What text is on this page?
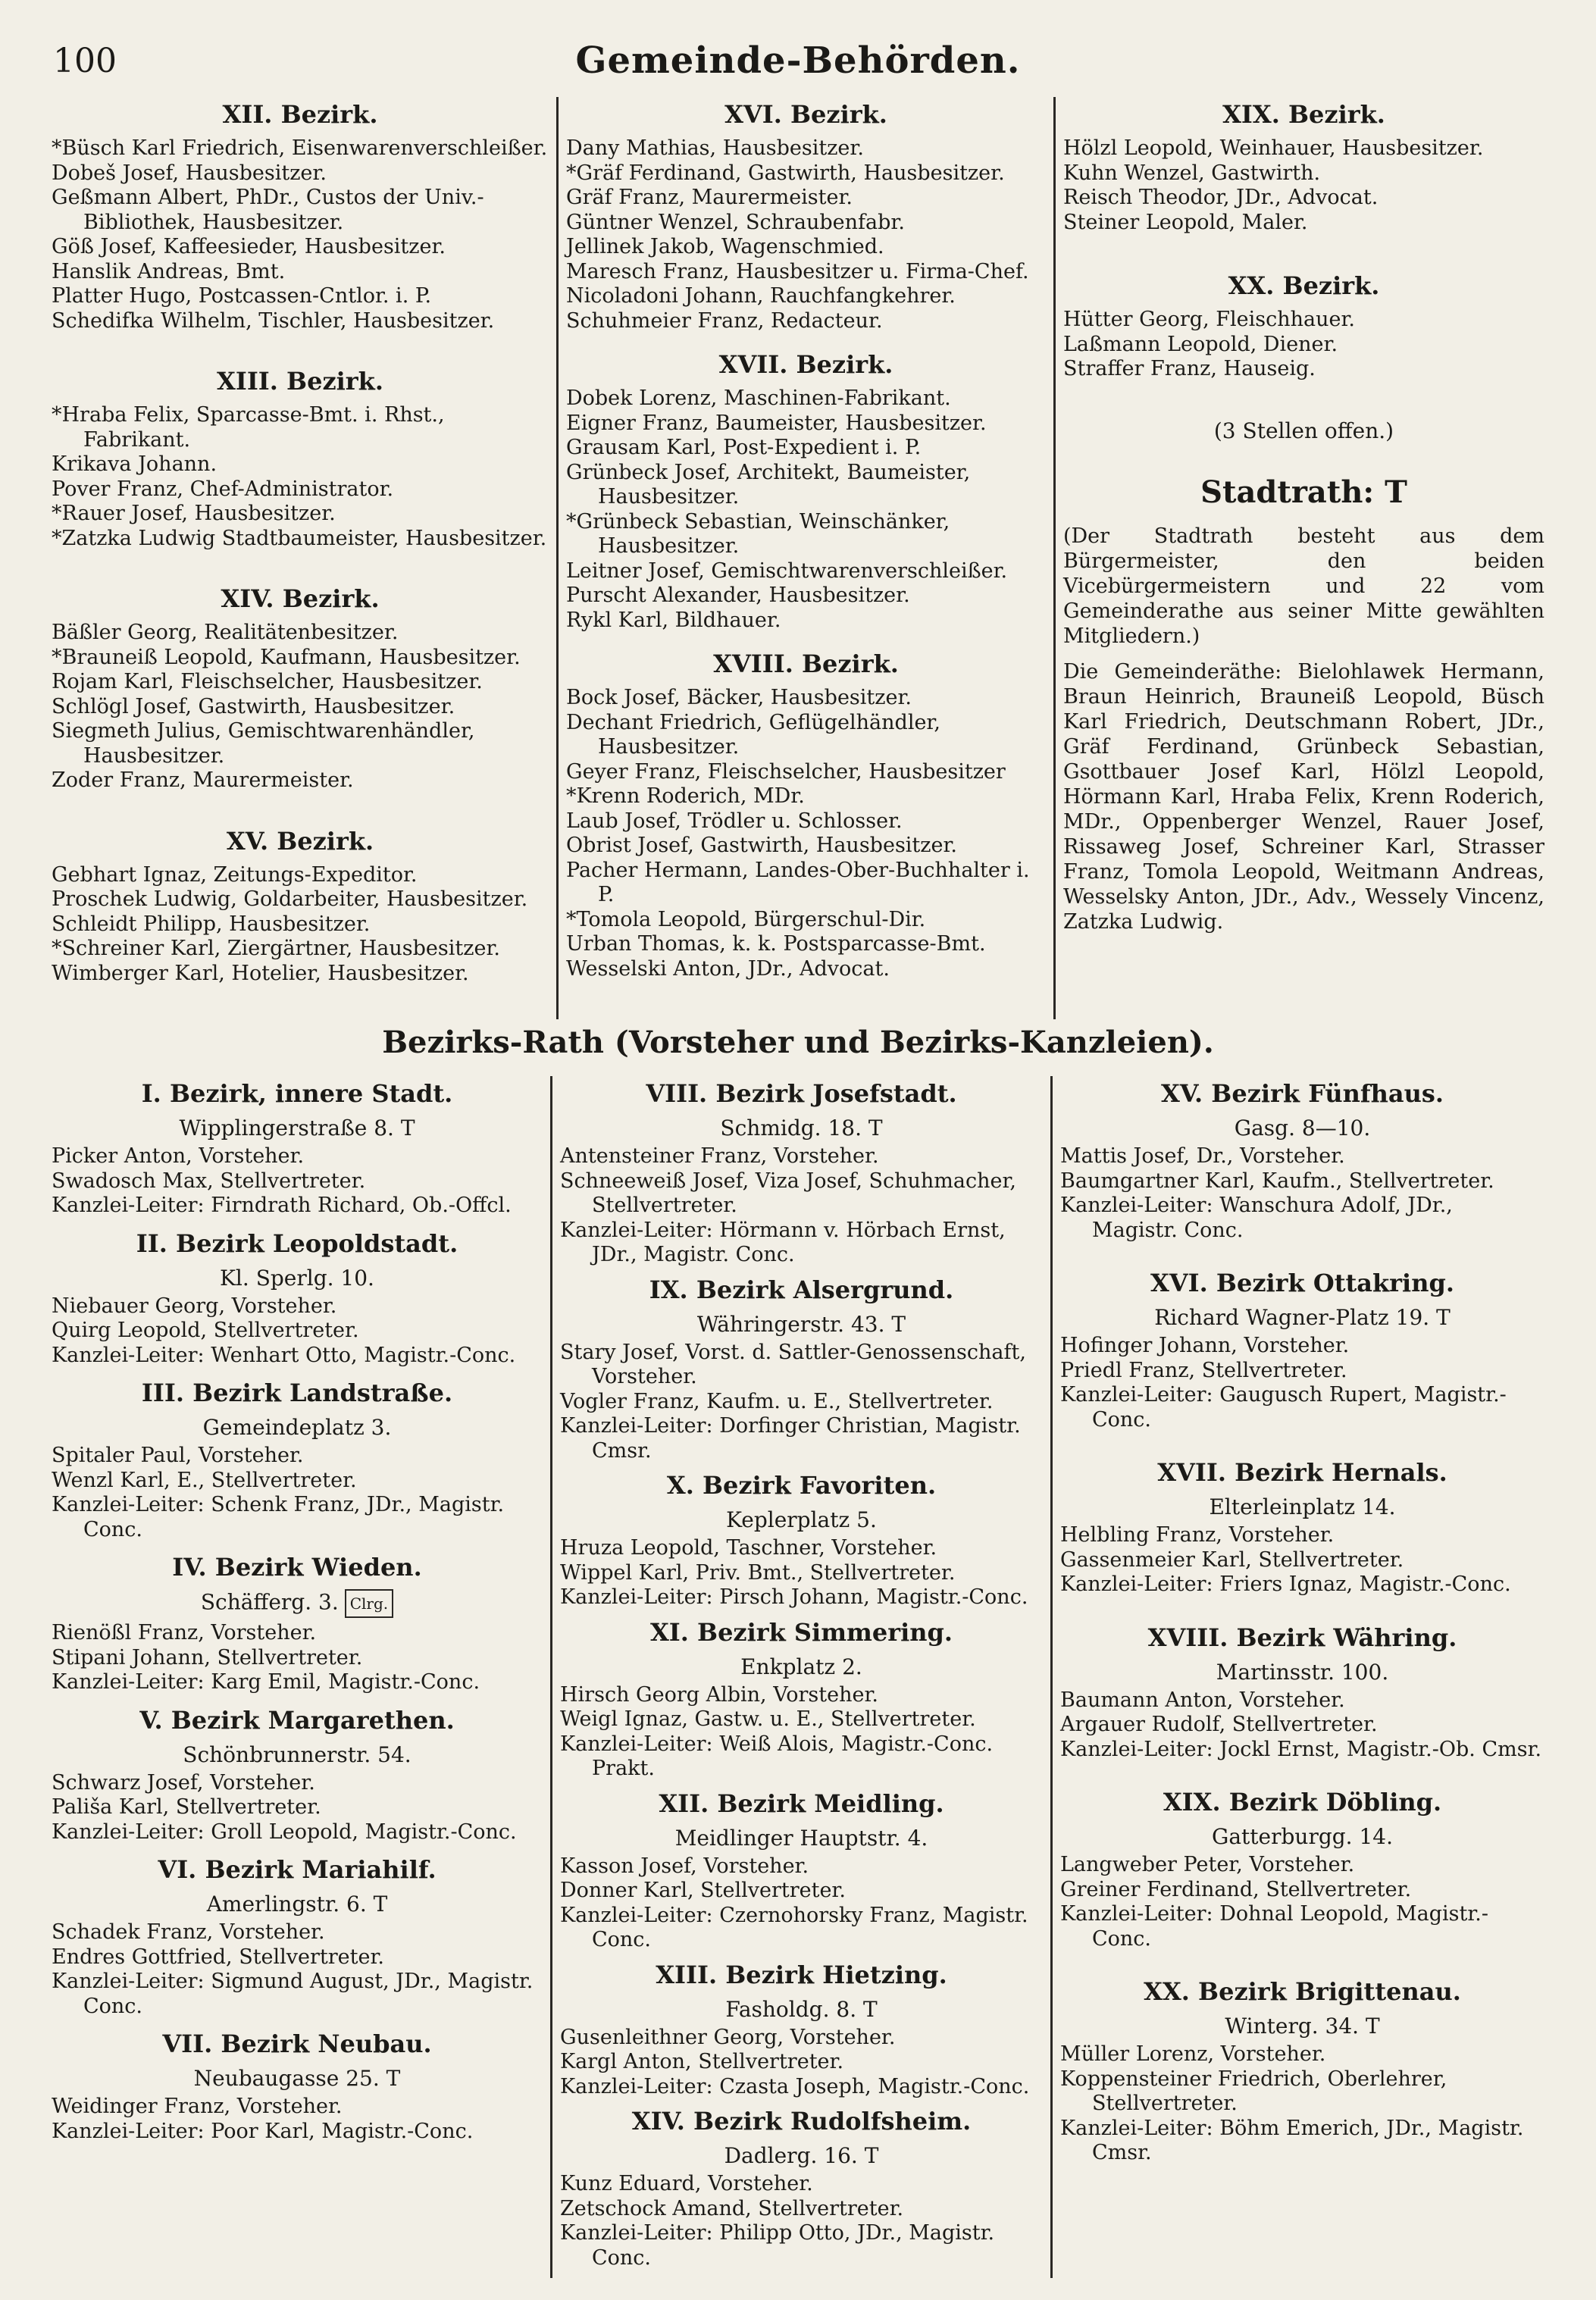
100	Gemeinde-Behörden.
XII. Bezirk.
*Büsch Karl Friedrich, Eisenwarenverschleißer.
Dobeš Josef, Hausbesitzer.
Geßmann Albert, PhDr., Custos der Univ.-Bibliothek, Hausbesitzer.
Göß Josef, Kaffeesieder, Hausbesitzer.
Hanslik Andreas, Bmt.
Platter Hugo, Postcassen-Cntlor. i. P.
Schedifka Wilhelm, Tischler, Hausbesitzer.
XIII. Bezirk.
*Hraba Felix, Sparcasse-Bmt. i. Rhst., Fabrikant.
Krikava Johann.
Pover Franz, Chef-Administrator.
*Rauer Josef, Hausbesitzer.
*Zatzka Ludwig Stadtbaumeister, Hausbesitzer.
XIV. Bezirk.
Bäßler Georg, Realitätenbesitzer.
*Brauneiß Leopold, Kaufmann, Hausbesitzer.
Rojam Karl, Fleischselcher, Hausbesitzer.
Schlögl Josef, Gastwirth, Hausbesitzer.
Siegmeth Julius, Gemischtwarenhändler, Hausbesitzer.
Zoder Franz, Maurermeister.
XV. Bezirk.
Gebhart Ignaz, Zeitungs-Expeditor.
Proschek Ludwig, Goldarbeiter, Hausbesitzer.
Schleidt Philipp, Hausbesitzer.
*Schreiner Karl, Ziergärtner, Hausbesitzer.
Wimberger Karl, Hotelier, Hausbesitzer.
XVI. Bezirk.
Dany Mathias, Hausbesitzer.
*Gräf Ferdinand, Gastwirth, Hausbesitzer.
Gräf Franz, Maurermeister.
Güntner Wenzel, Schraubenfabr.
Jellinek Jakob, Wagenschmied.
Maresch Franz, Hausbesitzer u. Firma-Chef.
Nicoladoni Johann, Rauchfangkehrer.
Schuhmeier Franz, Redacteur.
XVII. Bezirk.
Dobek Lorenz, Maschinen-Fabrikant.
Eigner Franz, Baumeister, Hausbesitzer.
Grausam Karl, Post-Expedient i. P.
Grünbeck Josef, Architekt, Baumeister, Hausbesitzer.
*Grünbeck Sebastian, Weinschänker, Hausbesitzer.
Leitner Josef, Gemischtwarenverschleißer.
Purscht Alexander, Hausbesitzer.
Rykl Karl, Bildhauer.
XVIII. Bezirk.
Bock Josef, Bäcker, Hausbesitzer.
Dechant Friedrich, Geflügelhändler, Hausbesitzer.
Geyer Franz, Fleischselcher, Hausbesitzer
*Krenn Roderich, MDr.
Laub Josef, Trödler u. Schlosser.
Obrist Josef, Gastwirth, Hausbesitzer.
Pacher Hermann, Landes-Ober-Buchhalter i. P.
*Tomola Leopold, Bürgerschul-Dir.
Urban Thomas, k. k. Postsparcasse-Bmt.
Wesselski Anton, JDr., Advocat.
XIX. Bezirk.
Hölzl Leopold, Weinhauer, Hausbesitzer.
Kuhn Wenzel, Gastwirth.
Reisch Theodor, JDr., Advocat.
Steiner Leopold, Maler.
XX. Bezirk.
Hütter Georg, Fleischhauer.
Laßmann Leopold, Diener.
Straffer Franz, Hauseig.
(3 Stellen offen.)
Stadtrath: T
(Der Stadtrath besteht aus dem Bürgermeister, den beiden Vicebürgermeistern und 22 vom Gemeinderathe aus seiner Mitte gewählten Mitgliedern.)
Die Gemeinderäthe: Bielohlawek Hermann, Braun Heinrich, Brauneiß Leopold, Büsch Karl Friedrich, Deutschmann Robert, JDr., Gräf Ferdinand, Grünbeck Sebastian, Gsottbauer Josef Karl, Hölzl Leopold, Hörmann Karl, Hraba Felix, Krenn Roderich, MDr., Oppenberger Wenzel, Rauer Josef, Rissaweg Josef, Schreiner Karl, Strasser Franz, Tomola Leopold, Weitmann Andreas, Wesselsky Anton, JDr., Adv., Wessely Vincenz, Zatzka Ludwig.
Bezirks-Rath (Vorsteher und Bezirks-Kanzleien).
I. Bezirk, innere Stadt.
Wipplingerstraße 8. T
Picker Anton, Vorsteher.
Swadosch Max, Stellvertreter.
Kanzlei-Leiter: Firndrath Richard, Ob.-Offcl.
II. Bezirk Leopoldstadt.
Kl. Sperlg. 10.
Niebauer Georg, Vorsteher.
Quirg Leopold, Stellvertreter.
Kanzlei-Leiter: Wenhart Otto, Magistr.-Conc.
III. Bezirk Landstraße.
Gemeindeplatz 3.
Spitaler Paul, Vorsteher.
Wenzl Karl, E., Stellvertreter.
Kanzlei-Leiter: Schenk Franz, JDr., Magistr. Conc.
IV. Bezirk Wieden.
Schäfferg. 3. Clrg.
Rienößl Franz, Vorsteher.
Stipani Johann, Stellvertreter.
Kanzlei-Leiter: Karg Emil, Magistr.-Conc.
V. Bezirk Margarethen.
Schönbrunnerstr. 54.
Schwarz Josef, Vorsteher.
Pališa Karl, Stellvertreter.
Kanzlei-Leiter: Groll Leopold, Magistr.-Conc.
VI. Bezirk Mariahilf.
Amerlingstr. 6. T
Schadek Franz, Vorsteher.
Endres Gottfried, Stellvertreter.
Kanzlei-Leiter: Sigmund August, JDr., Magistr. Conc.
VII. Bezirk Neubau.
Neubaugasse 25. T
Weidinger Franz, Vorsteher.
Kanzlei-Leiter: Poor Karl, Magistr.-Conc.
VIII. Bezirk Josefstadt.
Schmidg. 18. T
Antensteiner Franz, Vorsteher.
Schneeweiß Josef, Viza Josef, Schuhmacher, Stellvertreter.
Kanzlei-Leiter: Hörmann v. Hörbach Ernst, JDr., Magistr. Conc.
IX. Bezirk Alsergrund.
Währingerstr. 43. T
Stary Josef, Vorst. d. Sattler-Genossenschaft, Vorsteher.
Vogler Franz, Kaufm. u. E., Stellvertreter.
Kanzlei-Leiter: Dorfinger Christian, Magistr. Cmsr.
X. Bezirk Favoriten.
Keplerplatz 5.
Hruza Leopold, Taschner, Vorsteher.
Wippel Karl, Priv. Bmt., Stellvertreter.
Kanzlei-Leiter: Pirsch Johann, Magistr.-Conc.
XI. Bezirk Simmering.
Enkplatz 2.
Hirsch Georg Albin, Vorsteher.
Weigl Ignaz, Gastw. u. E., Stellvertreter.
Kanzlei-Leiter: Weiß Alois, Magistr.-Conc. Prakt.
XII. Bezirk Meidling.
Meidlinger Hauptstr. 4.
Kasson Josef, Vorsteher.
Donner Karl, Stellvertreter.
Kanzlei-Leiter: Czernohorsky Franz, Magistr. Conc.
XIII. Bezirk Hietzing.
Fasholdg. 8. T
Gusenleithner Georg, Vorsteher.
Kargl Anton, Stellvertreter.
Kanzlei-Leiter: Czasta Joseph, Magistr.-Conc.
XIV. Bezirk Rudolfsheim.
Dadlerg. 16. T
Kunz Eduard, Vorsteher.
Zetschock Amand, Stellvertreter.
Kanzlei-Leiter: Philipp Otto, JDr., Magistr. Conc.
XV. Bezirk Fünfhaus.
Gasg. 8—10.
Mattis Josef, Dr., Vorsteher.
Baumgartner Karl, Kaufm., Stellvertreter.
Kanzlei-Leiter: Wanschura Adolf, JDr., Magistr. Conc.
XVI. Bezirk Ottakring.
Richard Wagner-Platz 19. T
Hofinger Johann, Vorsteher.
Priedl Franz, Stellvertreter.
Kanzlei-Leiter: Gaugusch Rupert, Magistr.-Conc.
XVII. Bezirk Hernals.
Elterleinplatz 14.
Helbling Franz, Vorsteher.
Gassenmeier Karl, Stellvertreter.
Kanzlei-Leiter: Friers Ignaz, Magistr.-Conc.
XVIII. Bezirk Währing.
Martinsstr. 100.
Baumann Anton, Vorsteher.
Argauer Rudolf, Stellvertreter.
Kanzlei-Leiter: Jockl Ernst, Magistr.-Ob. Cmsr.
XIX. Bezirk Döbling.
Gatterburgg. 14.
Langweber Peter, Vorsteher.
Greiner Ferdinand, Stellvertreter.
Kanzlei-Leiter: Dohnal Leopold, Magistr.-Conc.
XX. Bezirk Brigittenau.
Winterg. 34. T
Müller Lorenz, Vorsteher.
Koppensteiner Friedrich, Oberlehrer, Stellvertreter.
Kanzlei-Leiter: Böhm Emerich, JDr., Magistr. Cmsr.
